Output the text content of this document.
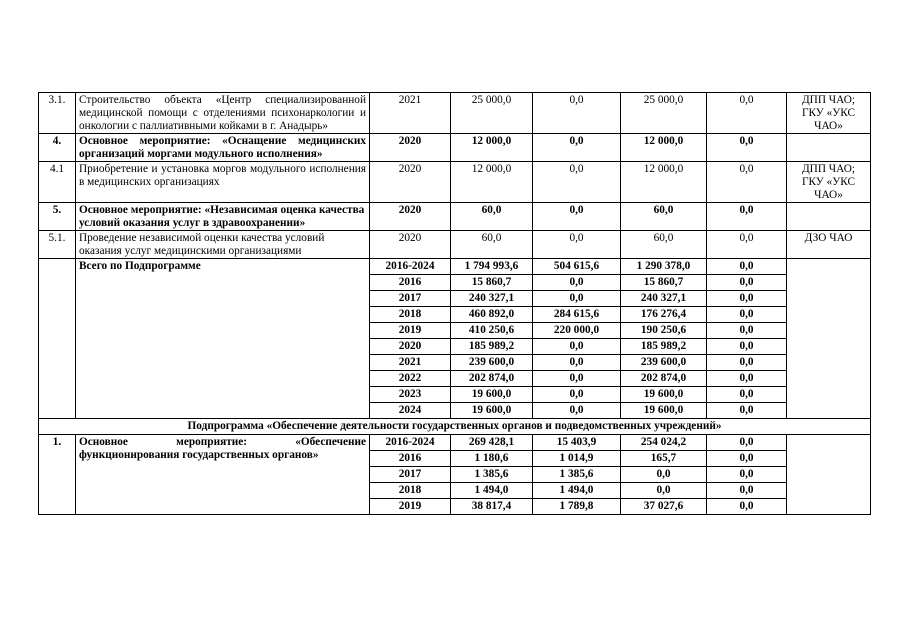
3.1.	Строительство объекта «Центр специализированной медицинской помощи с отделениями психонаркологии и онкологии с паллиативными койками в г. Анадырь»	2021	25 000,0	0,0	25 000,0	0,0	ДПП ЧАО; ГКУ «УКС ЧАО»
4.	Основное мероприятие: «Оснащение медицинских организаций моргами модульного исполнения»	2020	12 000,0	0,0	12 000,0	0,0	
4.1	Приобретение и установка моргов модульного исполнения в медицинских организациях	2020	12 000,0	0,0	12 000,0	0,0	ДПП ЧАО; ГКУ «УКС ЧАО»
5.	Основное мероприятие: «Независимая оценка качества условий оказания услуг в здравоохранении»	2020	60,0	0,0	60,0	0,0	
5.1.	Проведение независимой оценки качества условий оказания услуг медицинскими организациями	2020	60,0	0,0	60,0	0,0	ДЗО ЧАО
	Всего по Подпрограмме	2016-2024	1 794 993,6	504 615,6	1 290 378,0	0,0	
		2016	15 860,7	0,0	15 860,7	0,0	
		2017	240 327,1	0,0	240 327,1	0,0	
		2018	460 892,0	284 615,6	176 276,4	0,0	
		2019	410 250,6	220 000,0	190 250,6	0,0	
		2020	185 989,2	0,0	185 989,2	0,0	
		2021	239 600,0	0,0	239 600,0	0,0	
		2022	202 874,0	0,0	202 874,0	0,0	
		2023	19 600,0	0,0	19 600,0	0,0	
		2024	19 600,0	0,0	19 600,0	0,0	
Подпрограмма «Обеспечение деятельности государственных органов и подведомственных учреждений»							
1.	Основное мероприятие: «Обеспечение функционирования государственных органов»	2016-2024	269 428,1	15 403,9	254 024,2	0,0	
		2016	1 180,6	1 014,9	165,7	0,0	
		2017	1 385,6	1 385,6	0,0	0,0	
		2018	1 494,0	1 494,0	0,0	0,0	
		2019	38 817,4	1 789,8	37 027,6	0,0	
